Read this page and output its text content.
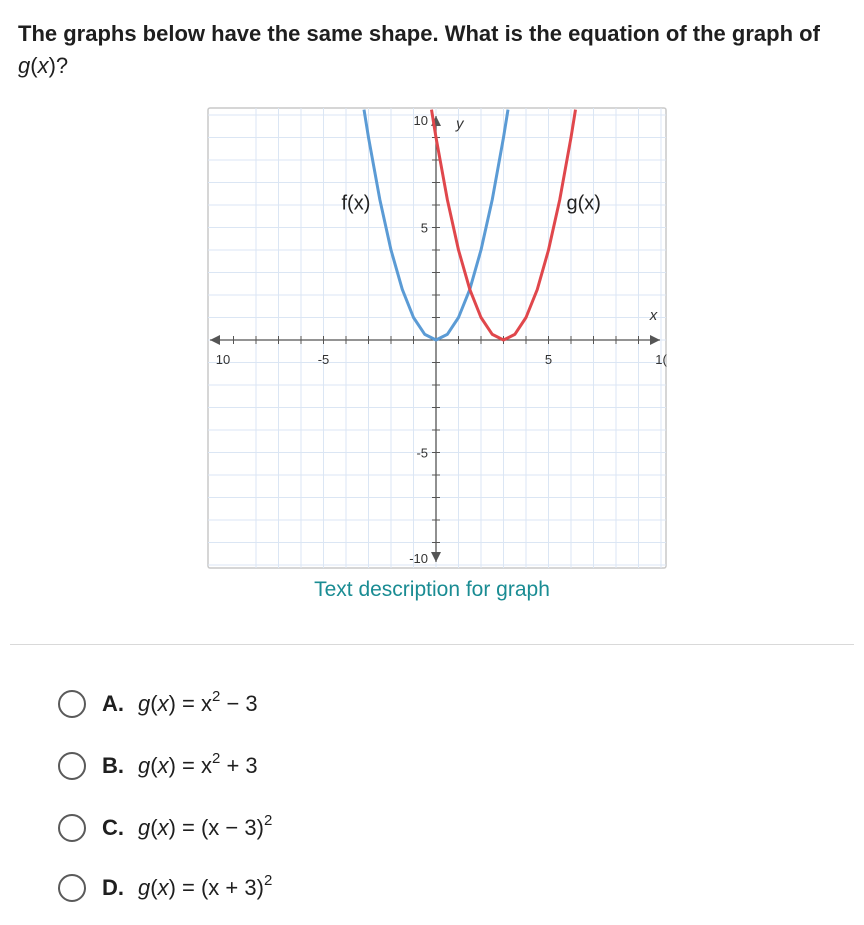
The graphs below have the same shape. What is the equation of the graph of
g(x)?
10	-5	5	1(
10
5
-5
-10
x
y
f(x)	g(x)
Text description for graph
A. $g(x) = x^2 - 3$
B. $g(x) = x^2 + 3$
C. $g(x) = (x - 3)^2$
D. $g(x) = (x + 3)^2$
